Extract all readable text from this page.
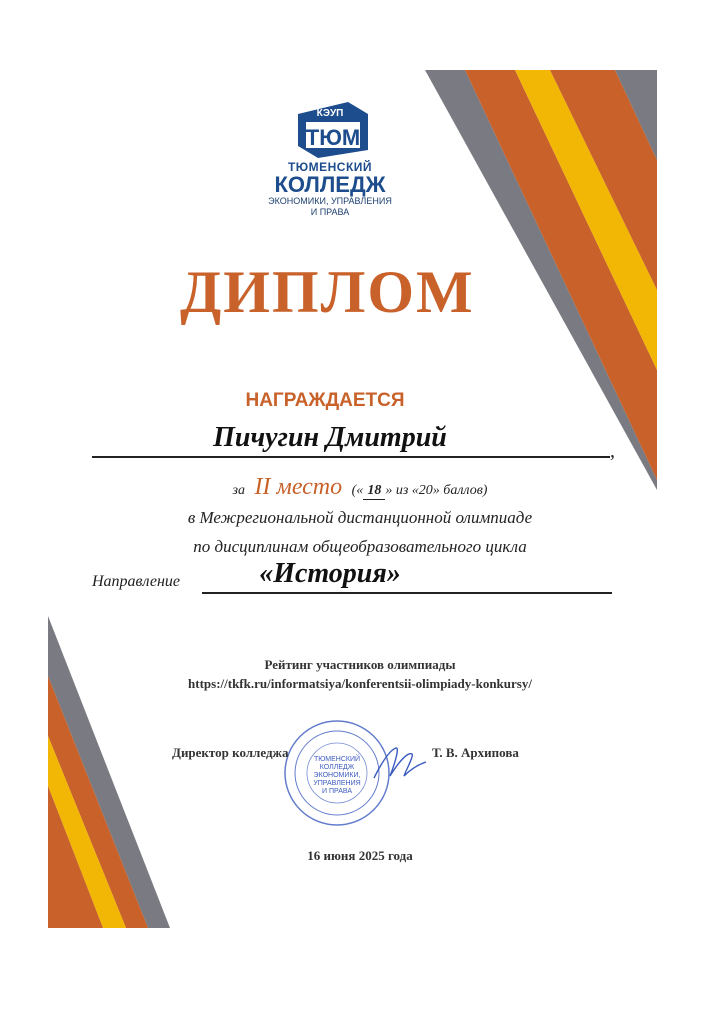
КЭУП
ТЮМ
ТЮМЕНСКИЙ
КОЛЛЕДЖ
ЭКОНОМИКИ, УПРАВЛЕНИЯ
И ПРАВА
ДИПЛОМ
НАГРАЖДАЕТСЯ
,
Пичугин Дмитрий
за II место (« 18 » из «20» баллов)
в Межрегиональной дистанционной олимпиаде
по дисциплинам общеобразовательного цикла
Направление	«История»
Рейтинг участников олимпиады
https://tkfk.ru/informatsiya/konferentsii-olimpiady-konkursy/
ТЮМЕНСКИЙ
КОЛЛЕДЖ
ЭКОНОМИКИ,
УПРАВЛЕНИЯ
И ПРАВА
Директор колледжа	Т. В. Архипова
16 июня 2025 года
